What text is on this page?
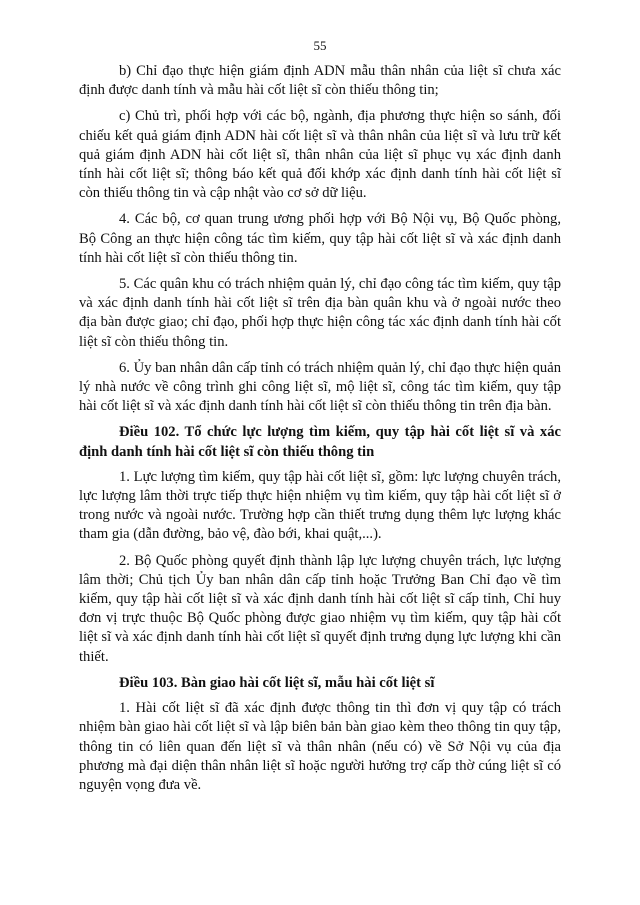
55

b) Chỉ đạo thực hiện giám định ADN mẫu thân nhân của liệt sĩ chưa xác định được danh tính và mẫu hài cốt liệt sĩ còn thiếu thông tin;

c) Chủ trì, phối hợp với các bộ, ngành, địa phương thực hiện so sánh, đối chiếu kết quả giám định ADN hài cốt liệt sĩ và thân nhân của liệt sĩ và lưu trữ kết quả giám định ADN hài cốt liệt sĩ, thân nhân của liệt sĩ phục vụ xác định danh tính hài cốt liệt sĩ; thông báo kết quả đối khớp xác định danh tính hài cốt liệt sĩ còn thiếu thông tin và cập nhật vào cơ sở dữ liệu.

4. Các bộ, cơ quan trung ương phối hợp với Bộ Nội vụ, Bộ Quốc phòng, Bộ Công an thực hiện công tác tìm kiếm, quy tập hài cốt liệt sĩ và xác định danh tính hài cốt liệt sĩ còn thiếu thông tin.

5. Các quân khu có trách nhiệm quản lý, chỉ đạo công tác tìm kiếm, quy tập và xác định danh tính hài cốt liệt sĩ trên địa bàn quân khu và ở ngoài nước theo địa bàn được giao; chỉ đạo, phối hợp thực hiện công tác xác định danh tính hài cốt liệt sĩ còn thiếu thông tin.

6. Ủy ban nhân dân cấp tỉnh có trách nhiệm quản lý, chỉ đạo thực hiện quản lý nhà nước về công trình ghi công liệt sĩ, mộ liệt sĩ, công tác tìm kiếm, quy tập hài cốt liệt sĩ và xác định danh tính hài cốt liệt sĩ còn thiếu thông tin trên địa bàn.

Điều 102. Tổ chức lực lượng tìm kiếm, quy tập hài cốt liệt sĩ và xác định danh tính hài cốt liệt sĩ còn thiếu thông tin

1. Lực lượng tìm kiếm, quy tập hài cốt liệt sĩ, gồm: lực lượng chuyên trách, lực lượng lâm thời trực tiếp thực hiện nhiệm vụ tìm kiếm, quy tập hài cốt liệt sĩ ở trong nước và ngoài nước. Trường hợp cần thiết trưng dụng thêm lực lượng khác tham gia (dẫn đường, bảo vệ, đào bới, khai quật,...).

2. Bộ Quốc phòng quyết định thành lập lực lượng chuyên trách, lực lượng lâm thời; Chủ tịch Ủy ban nhân dân cấp tỉnh hoặc Trưởng Ban Chỉ đạo về tìm kiếm, quy tập hài cốt liệt sĩ và xác định danh tính hài cốt liệt sĩ cấp tỉnh, Chỉ huy đơn vị trực thuộc Bộ Quốc phòng được giao nhiệm vụ tìm kiếm, quy tập hài cốt liệt sĩ và xác định danh tính hài cốt liệt sĩ quyết định trưng dụng lực lượng khi cần thiết.

Điều 103. Bàn giao hài cốt liệt sĩ, mẫu hài cốt liệt sĩ

1. Hài cốt liệt sĩ đã xác định được thông tin thì đơn vị quy tập có trách nhiệm bàn giao hài cốt liệt sĩ và lập biên bản bàn giao kèm theo thông tin quy tập, thông tin có liên quan đến liệt sĩ và thân nhân (nếu có) về Sở Nội vụ của địa phương mà đại diện thân nhân liệt sĩ hoặc người hưởng trợ cấp thờ cúng liệt sĩ có nguyện vọng đưa về.
